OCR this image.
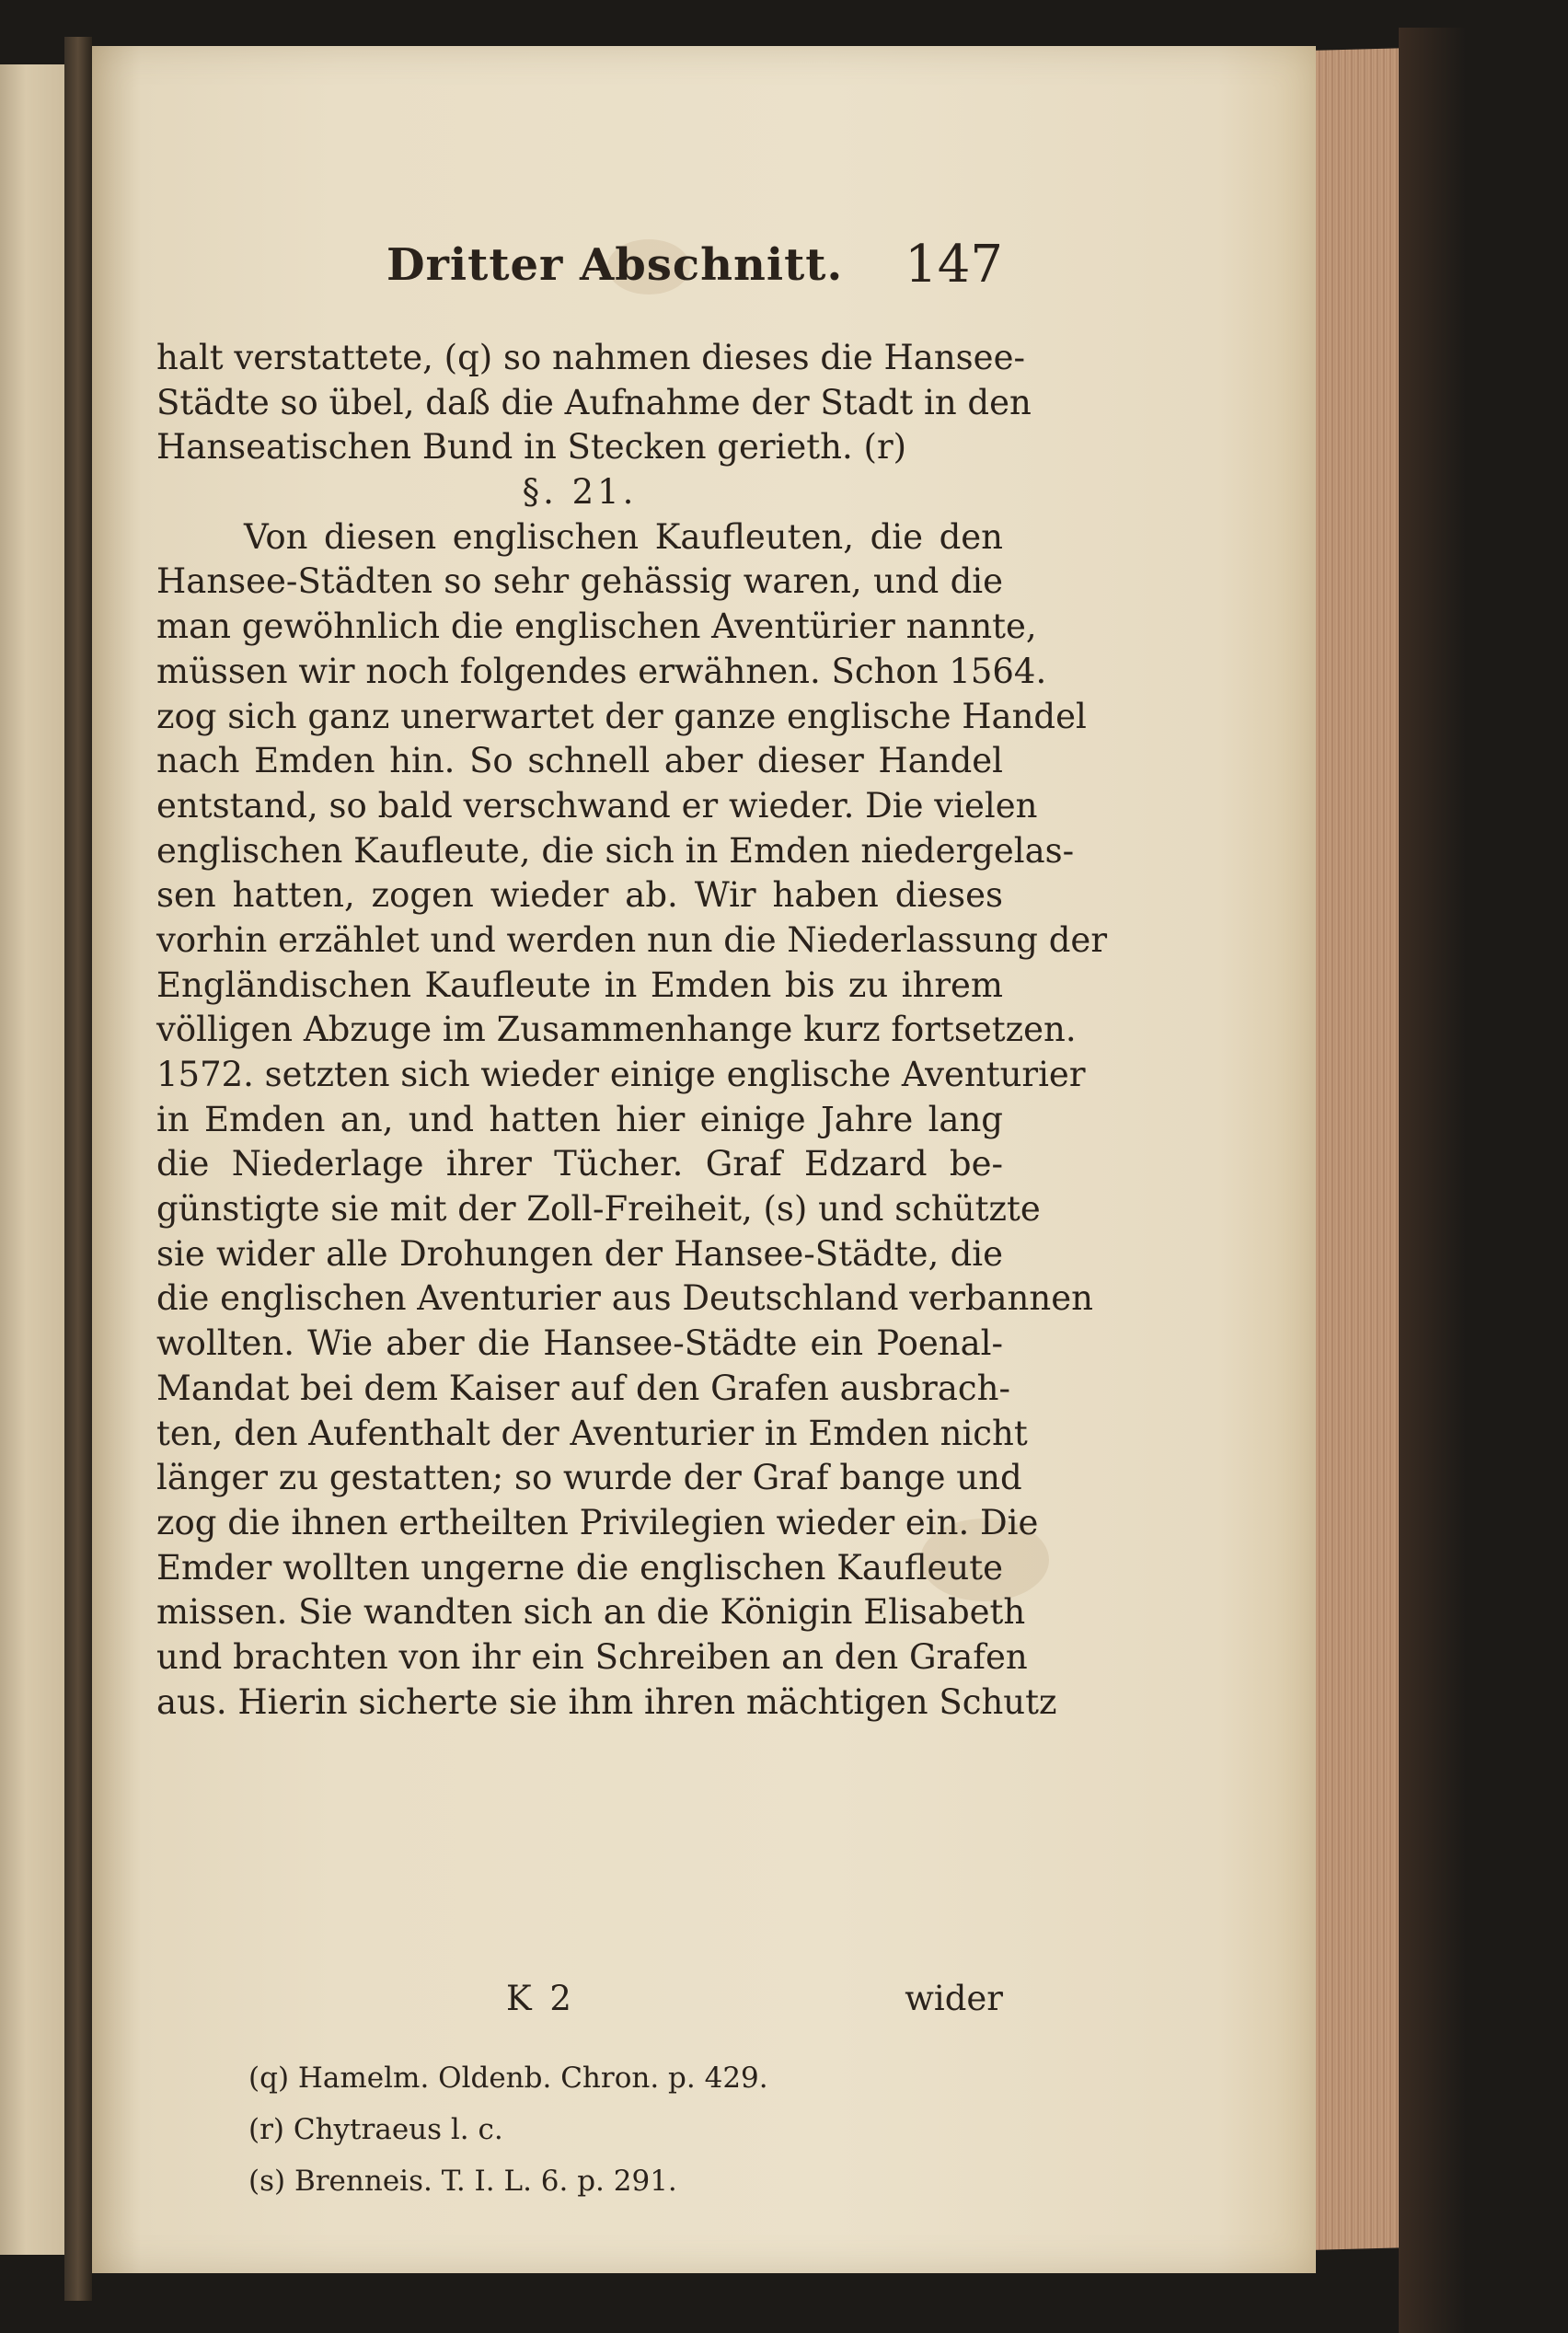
Dritter Abschnitt. 147
halt verstattete, (q) so nahmen dieses die Hansee-
Städte so übel, daß die Aufnahme der Stadt in den
Hanseatischen Bund in Stecken gerieth. (r)
§. 21.
Von diesen englischen Kaufleuten, die den
Hansee-Städten so sehr gehässig waren, und die
man gewöhnlich die englischen Aventürier nannte,
müssen wir noch folgendes erwähnen. Schon 1564.
zog sich ganz unerwartet der ganze englische Handel
nach Emden hin. So schnell aber dieser Handel
entstand, so bald verschwand er wieder. Die vielen
englischen Kaufleute, die sich in Emden niedergelas-
sen hatten, zogen wieder ab. Wir haben dieses
vorhin erzählet und werden nun die Niederlassung der
Engländischen Kaufleute in Emden bis zu ihrem
völligen Abzuge im Zusammenhange kurz fortsetzen.
1572. setzten sich wieder einige englische Aventurier
in Emden an, und hatten hier einige Jahre lang
die Niederlage ihrer Tücher. Graf Edzard be-
günstigte sie mit der Zoll-Freiheit, (s) und schützte
sie wider alle Drohungen der Hansee-Städte, die
die englischen Aventurier aus Deutschland verbannen
wollten. Wie aber die Hansee-Städte ein Poenal-
Mandat bei dem Kaiser auf den Grafen ausbrach-
ten, den Aufenthalt der Aventurier in Emden nicht
länger zu gestatten; so wurde der Graf bange und
zog die ihnen ertheilten Privilegien wieder ein. Die
Emder wollten ungerne die englischen Kaufleute
missen. Sie wandten sich an die Königin Elisabeth
und brachten von ihr ein Schreiben an den Grafen
aus. Hierin sicherte sie ihm ihren mächtigen Schutz
K 2	wider
(q) Hamelm. Oldenb. Chron. p. 429.
(r) Chytraeus l. c.
(s) Brenneis. T. I. L. 6. p. 291.
